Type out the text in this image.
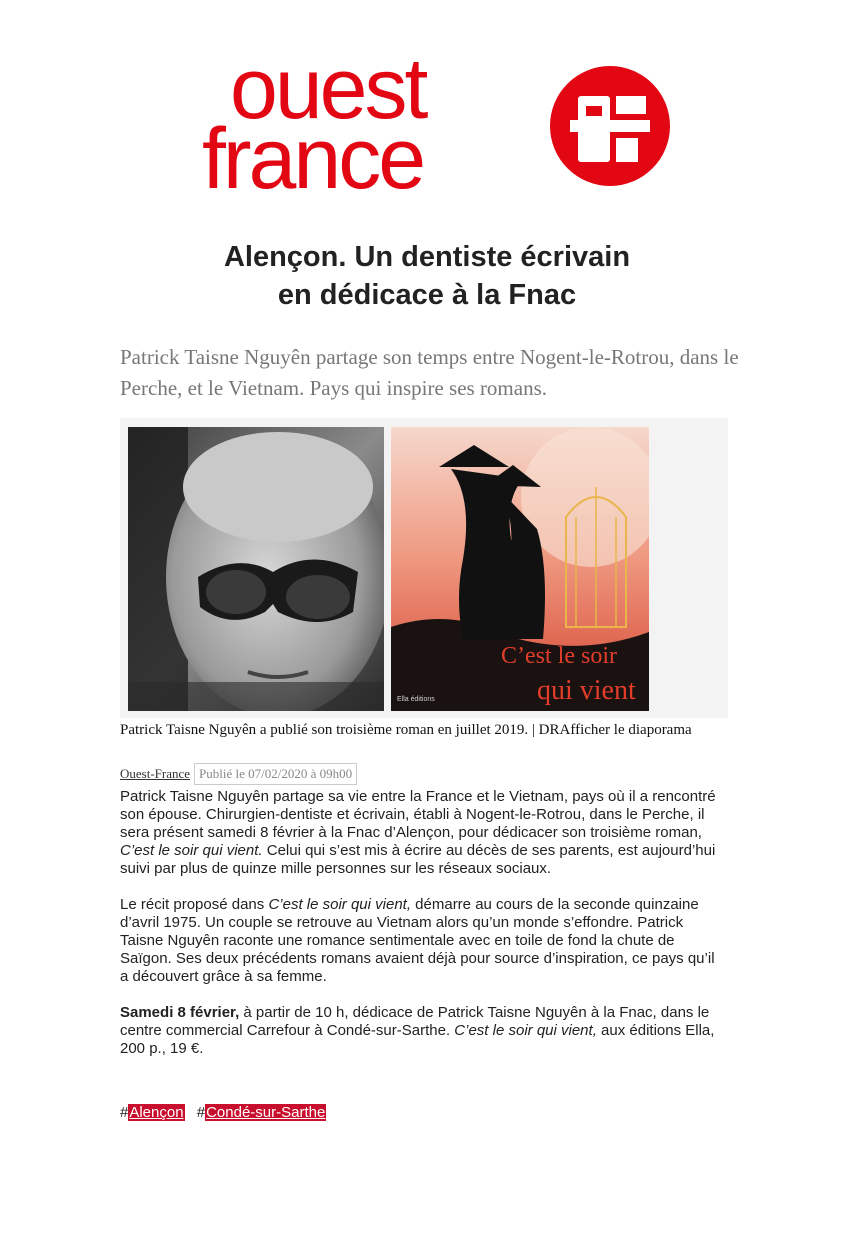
ouest
france
Alençon. Un dentiste écrivain
en dédicace à la Fnac

Patrick Taisne Nguyên partage son temps entre Nogent-le-Rotrou, dans le Perche, et le Vietnam. Pays qui inspire ses romans.

C’est le soir
qui vient
Ella éditions

Patrick Taisne Nguyên a publié son troisième roman en juillet 2019. | DRAfficher le diaporama

Ouest-France Publié le 07/02/2020 à 09h00

Patrick Taisne Nguyên partage sa vie entre la France et le Vietnam, pays où il a rencontré son épouse. Chirurgien-dentiste et écrivain, établi à Nogent-le-Rotrou, dans le Perche, il sera présent samedi 8 février à la Fnac d’Alençon, pour dédicacer son troisième roman, C’est le soir qui vient. Celui qui s’est mis à écrire au décès de ses parents, est aujourd’hui suivi par plus de quinze mille personnes sur les réseaux sociaux.

Le récit proposé dans C’est le soir qui vient, démarre au cours de la seconde quinzaine d’avril 1975. Un couple se retrouve au Vietnam alors qu’un monde s’effondre. Patrick Taisne Nguyên raconte une romance sentimentale avec en toile de fond la chute de Saïgon. Ses deux précédents romans avaient déjà pour source d’inspiration, ce pays qu’il a découvert grâce à sa femme.

Samedi 8 février, à partir de 10 h, dédicace de Patrick Taisne Nguyên à la Fnac, dans le centre commercial Carrefour à Condé-sur-Sarthe. C’est le soir qui vient, aux éditions Ella, 200 p., 19 €.

#Alençon #Condé-sur-Sarthe
